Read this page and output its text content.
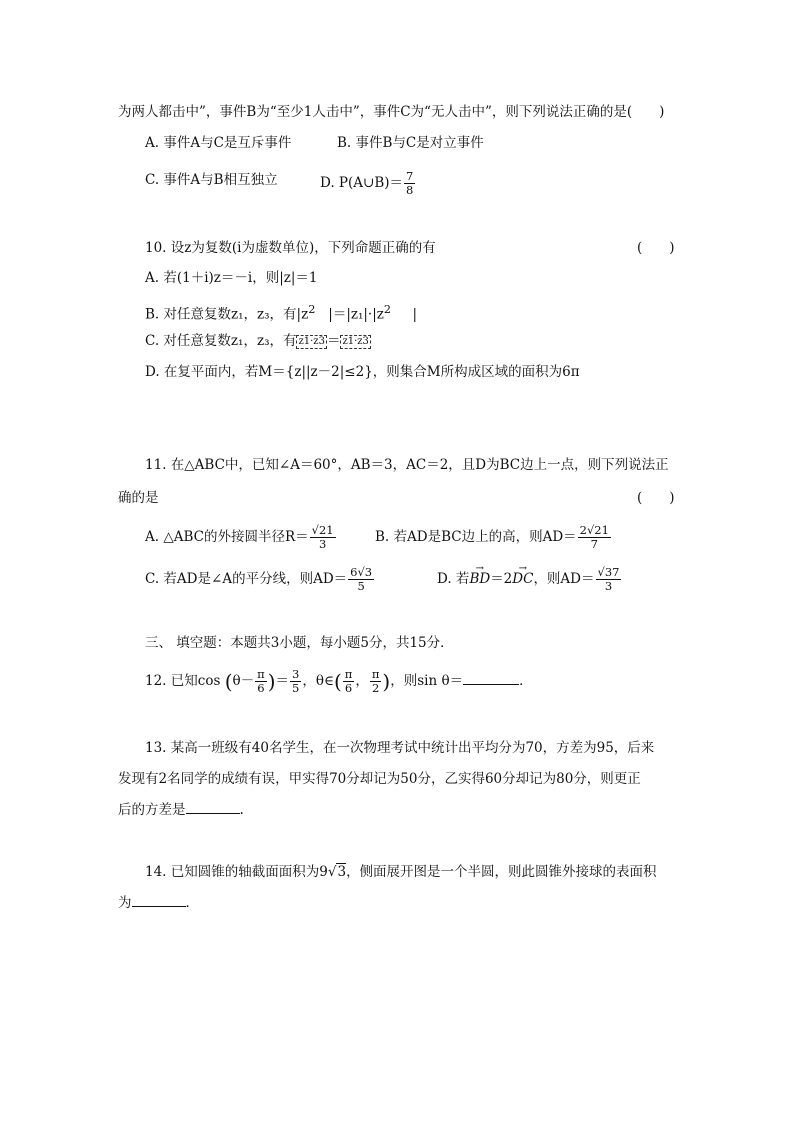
为两人都击中”，事件B为“至少1人击中”，事件C为“无人击中”，则下列说法正确的是(　　)
A. 事件A与C是互斥事件	B. 事件B与C是对立事件
C. 事件A与B相互独立	D. P(A∪B)＝ $\frac{7}{8}$
10. 设z为复数(i为虚数单位)，下列命题正确的有	(　　)
A. 若(1＋i)z＝－i，则|z|＝1
B. 对任意复数z₁，z₃，有$|z^2$ $|=|z_1|\cdot|z^2$ |
C. 对任意复数z₁，z₃，有 z1·z3 ＝ z1·z3
D. 在复平面内，若M＝{z||z－2|≤2}，则集合M所构成区域的面积为6π
11. 在△ABC中，已知∠A＝60°，AB＝3，AC＝2，且D为BC边上一点，则下列说法正
确的是	(　　)
A. △ABC的外接圆半径$R= \frac{√21}{3}$	B. 若AD是BC边上的高，则$AD= \frac{2√21}{7}$
C. 若AD是∠A的平分线，则$AD= \frac{6√3}{5}$	D. 若→ BD＝2→ DC，则$AD= \frac{√37}{3}$
三、 填空题：本题共3小题，每小题5分，共15分．
12. 已知$\cos (\theta- \frac{\pi}{6}$ )＝ $\frac{3}{5}$ ，θ∈( $\frac{\pi}{6}$ ， $\frac{\pi}{2}$ )，则sin θ＝	．
13. 某高一班级有40名学生，在一次物理考试中统计出平均分为70，方差为95，后来
发现有2名同学的成绩有误，甲实得70分却记为50分，乙实得60分却记为80分，则更正
后的方差是	.
14. 已知圆锥的轴截面面积为9√3，侧面展开图是一个半圆，则此圆锥外接球的表面积
为	．
